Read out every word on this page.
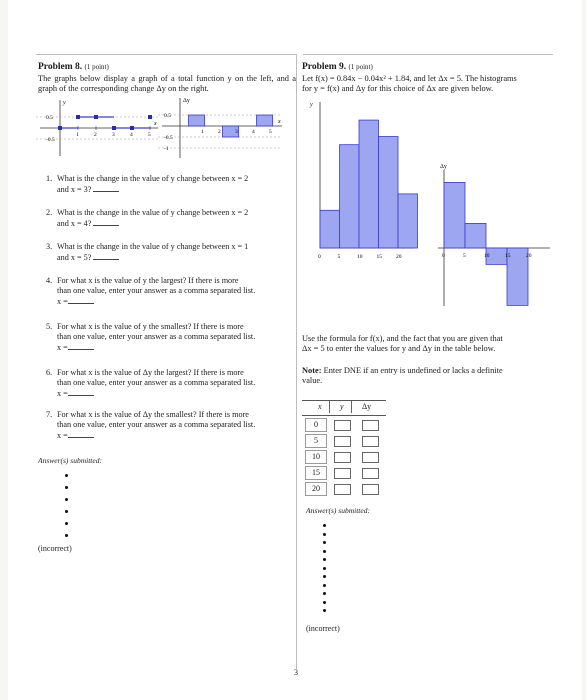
Problem 8. (1 point)
The graphs below display a graph of a total function y on the left, and a graph of the corresponding change Δy on the right.
y
x
0.5
-0.5
1	2	3	4	5
Δy
x
0.5
-0.5
-1
1	2	3	4	5
1. What is the change in the value of y change between x = 2
and x = 3?
2. What is the change in the value of y change between x = 2
and x = 4?
3. What is the change in the value of y change between x = 1
and x = 5?
4. For what x is the value of y the largest? If there is more
than one value, enter your answer as a comma separated list.
x =
5. For what x is the value of y the smallest? If there is more
than one value, enter your answer as a comma separated list.
x =
6. For what x is the value of Δy the largest? If there is more
than one value, enter your answer as a comma separated list.
x =
7. For what x is the value of Δy the smallest? If there is more
than one value, enter your answer as a comma separated list.
x =
Answer(s) submitted:
(incorrect)
Problem 9. (1 point)
Let f(x) = 0.84x − 0.04x² + 1.84, and let Δx = 5. The histograms
for y = f(x) and Δy for this choice of Δx are given below.
y
0	5	10	15	20
Δy
0	5	10	15	20
Use the formula for f(x), and the fact that you are given that
Δx = 5 to enter the values for y and Δy in the table below.
Note: Enter DNE if an entry is undefined or lacks a definite
value.
x y Δy
0
5
10
15
20
Answer(s) submitted:
(incorrect)
3
